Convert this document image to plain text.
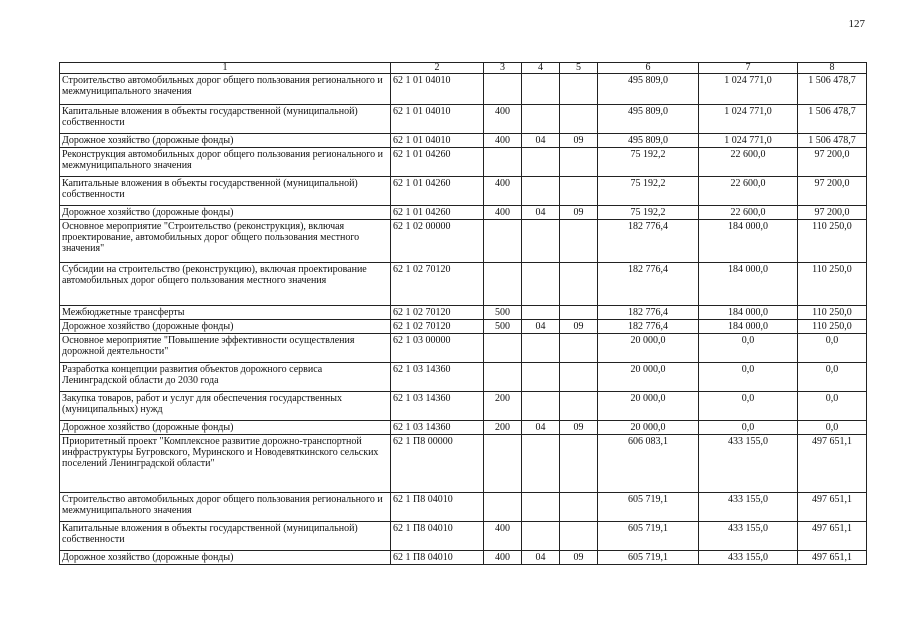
127
1	2	3	4	5	6	7	8
Строительство автомобильных дорог общего пользования регионального и межмуниципального значения	62 1 01 04010				495 809,0	1 024 771,0	1 506 478,7
Капитальные вложения в объекты государственной (муниципальной) собственности	62 1 01 04010	400			495 809,0	1 024 771,0	1 506 478,7
Дорожное хозяйство (дорожные фонды)	62 1 01 04010	400	04	09	495 809,0	1 024 771,0	1 506 478,7
Реконструкция автомобильных дорог общего пользования регионального и межмуниципального значения	62 1 01 04260				75 192,2	22 600,0	97 200,0
Капитальные вложения в объекты государственной (муниципальной) собственности	62 1 01 04260	400			75 192,2	22 600,0	97 200,0
Дорожное хозяйство (дорожные фонды)	62 1 01 04260	400	04	09	75 192,2	22 600,0	97 200,0
Основное мероприятие "Строительство (реконструкция), включая проектирование, автомобильных дорог общего пользования местного значения"	62 1 02 00000				182 776,4	184 000,0	110 250,0
Субсидии на строительство (реконструкцию), включая проектирование автомобильных дорог общего пользования местного значения	62 1 02 70120				182 776,4	184 000,0	110 250,0
Межбюджетные трансферты	62 1 02 70120	500			182 776,4	184 000,0	110 250,0
Дорожное хозяйство (дорожные фонды)	62 1 02 70120	500	04	09	182 776,4	184 000,0	110 250,0
Основное мероприятие "Повышение эффективности осуществления дорожной деятельности"	62 1 03 00000				20 000,0	0,0	0,0
Разработка концепции развития объектов дорожного сервиса Ленинградской области до 2030 года	62 1 03 14360				20 000,0	0,0	0,0
Закупка товаров, работ и услуг для обеспечения государственных (муниципальных) нужд	62 1 03 14360	200			20 000,0	0,0	0,0
Дорожное хозяйство (дорожные фонды)	62 1 03 14360	200	04	09	20 000,0	0,0	0,0
Приоритетный проект "Комплексное развитие дорожно-транспортной инфраструктуры Бугровского, Муринского и Новодевяткинского сельских поселений Ленинградской области"	62 1 П8 00000				606 083,1	433 155,0	497 651,1
Строительство автомобильных дорог общего пользования регионального и межмуниципального значения	62 1 П8 04010				605 719,1	433 155,0	497 651,1
Капитальные вложения в объекты государственной (муниципальной) собственности	62 1 П8 04010	400			605 719,1	433 155,0	497 651,1
Дорожное хозяйство (дорожные фонды)	62 1 П8 04010	400	04	09	605 719,1	433 155,0	497 651,1
